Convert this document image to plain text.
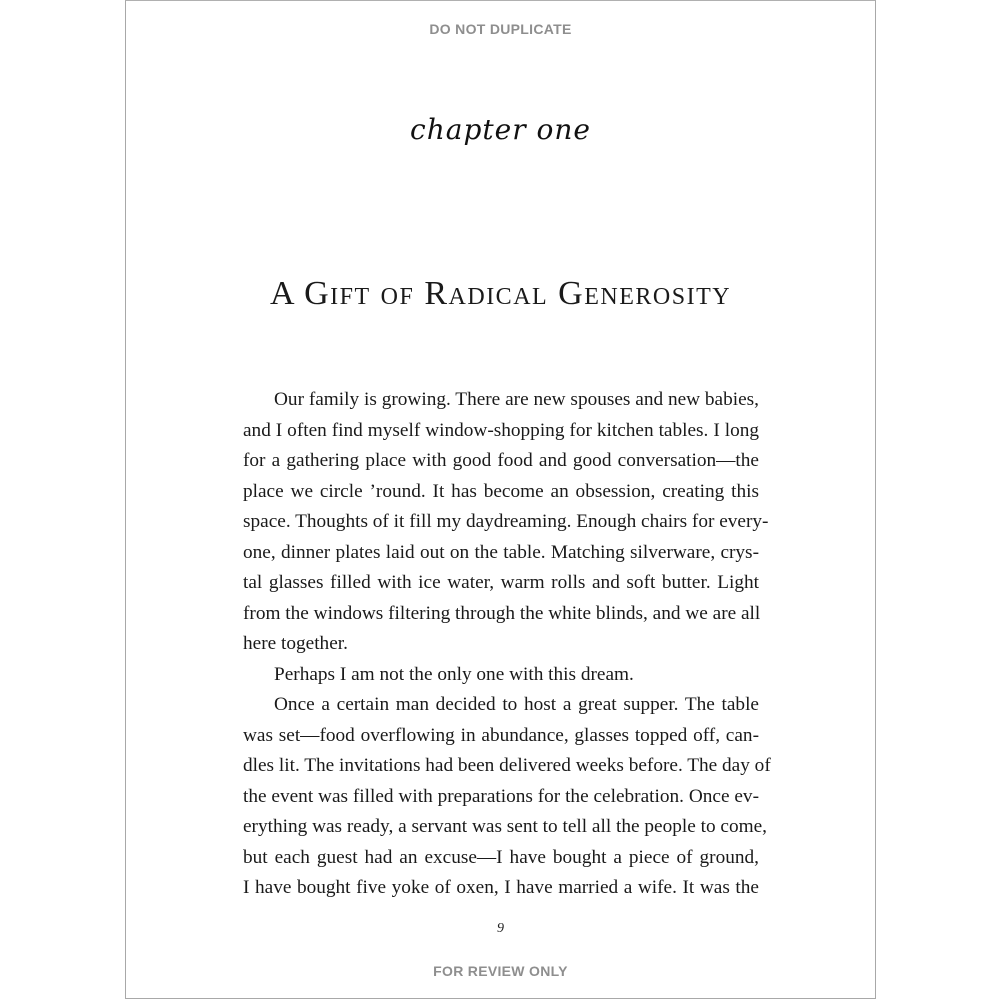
DO NOT DUPLICATE
chapter one
A Gift of Radical Generosity
Our family is growing. There are new spouses and new babies,
and I often find myself window-shopping for kitchen tables. I long
for a gathering place with good food and good conversation—the
place we circle ’round. It has become an obsession, creating this
space. Thoughts of it fill my daydreaming. Enough chairs for every-
one, dinner plates laid out on the table. Matching silverware, crys-
tal glasses filled with ice water, warm rolls and soft butter. Light
from the windows filtering through the white blinds, and we are all
here together.
Perhaps I am not the only one with this dream.
Once a certain man decided to host a great supper. The table
was set—food overflowing in abundance, glasses topped off, can-
dles lit. The invitations had been delivered weeks before. The day of
the event was filled with preparations for the celebration. Once ev-
erything was ready, a servant was sent to tell all the people to come,
but each guest had an excuse—I have bought a piece of ground,
I have bought five yoke of oxen, I have married a wife. It was the
9
FOR REVIEW ONLY
